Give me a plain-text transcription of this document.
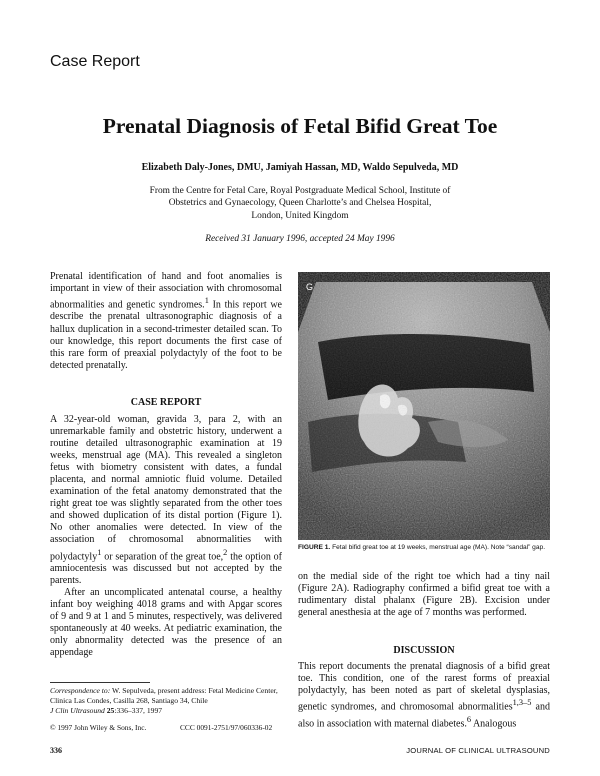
Case Report
Prenatal Diagnosis of Fetal Bifid Great Toe
Elizabeth Daly-Jones, DMU, Jamiyah Hassan, MD, Waldo Sepulveda, MD
From the Centre for Fetal Care, Royal Postgraduate Medical School, Institute of
Obstetrics and Gynaecology, Queen Charlotte’s and Chelsea Hospital,
London, United Kingdom
Received 31 January 1996, accepted 24 May 1996

Prenatal identification of hand and foot anomalies is important in view of their association with chromosomal abnormalities and genetic syndromes.$^1$ In this report we describe the prenatal ultrasonographic diagnosis of a hallux duplication in a second-trimester detailed scan. To our knowledge, this report documents the first case of this rare form of preaxial polydactyly of the foot to be detected prenatally.

CASE REPORT

A 32-year-old woman, gravida 3, para 2, with an unremarkable family and obstetric history, underwent a routine detailed ultrasonographic examination at 19 weeks, menstrual age (MA). This revealed a singleton fetus with biometry consistent with dates, a fundal placenta, and normal amniotic fluid volume. Detailed examination of the fetal anatomy demonstrated that the right great toe was slightly separated from the other toes and showed duplication of its distal portion (Figure 1). No other anomalies were detected. In view of the association of chromosomal abnormalities with polydactyly$^1$ or separation of the great toe,$^2$ the option of amniocentesis was discussed but not accepted by the parents.

After an uncomplicated antenatal course, a healthy infant boy weighing 4018 grams and with Apgar scores of 9 and 9 at 1 and 5 minutes, respectively, was delivered spontaneously at 40 weeks. At pediatric examination, the only abnormality detected was the presence of an appendage

G
FIGURE 1. Fetal bifid great toe at 19 weeks, menstrual age (MA). Note “sandal” gap.

on the medial side of the right toe which had a tiny nail (Figure 2A). Radiography confirmed a bifid great toe with a rudimentary distal phalanx (Figure 2B). Excision under general anesthesia at the age of 7 months was performed.

DISCUSSION

This report documents the prenatal diagnosis of a bifid great toe. This condition, one of the rarest forms of preaxial polydactyly, has been noted as part of skeletal dysplasias, genetic syndromes, and chromosomal abnormalities$^{1,3-5}$ and also in association with maternal diabetes.$^6$ Analogous

Correspondence to: W. Sepulveda, present address: Fetal Medicine Center, Clinica Las Condes, Casilla 268, Santiago 34, Chile
J Clin Ultrasound 25:336–337, 1997
© 1997 John Wiley & Sons, Inc.	CCC 0091-2751/97/060336-02
336	JOURNAL OF CLINICAL ULTRASOUND
